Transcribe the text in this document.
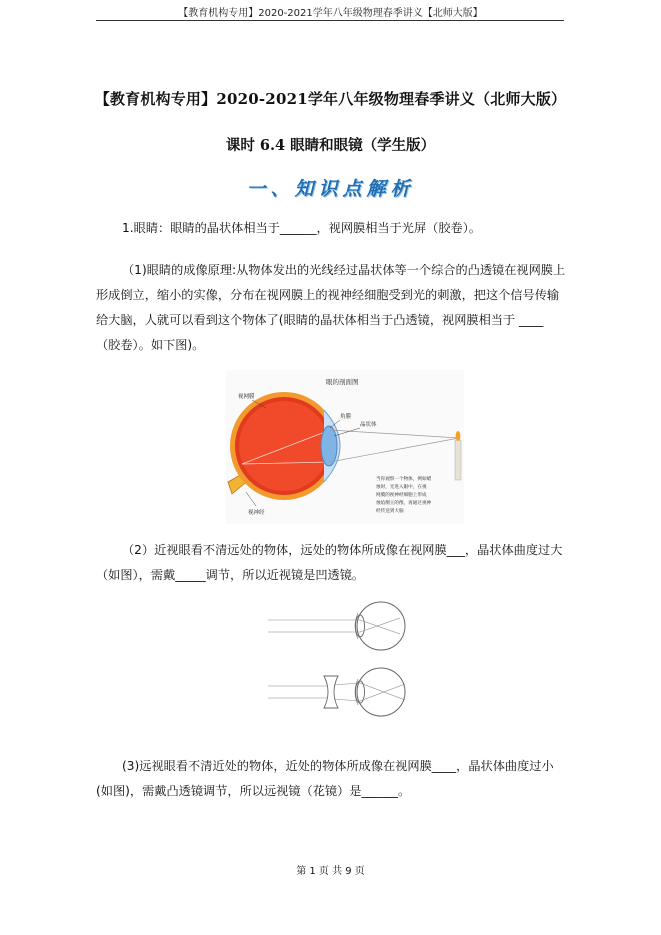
【教育机构专用】2020-2021学年八年级物理春季讲义【北师大版】
【教育机构专用】2020-2021学年八年级物理春季讲义（北师大版）
课时 6.4 眼睛和眼镜（学生版）
一、知识点解析
1.眼睛：眼睛的晶状体相当于______，视网膜相当于光屏（胶卷）。
（1)眼睛的成像原理:从物体发出的光线经过晶状体等一个综合的凸透镜在视网膜上形成倒立，缩小的实像，分布在视网膜上的视神经细胞受到光的刺激，把这个信号传输给大脑，人就可以看到这个物体了(眼睛的晶状体相当于凸透镜，视网膜相当于 ____（胶卷）。如下图)。
眼的剖面图
视网膜
角膜
晶状体
视神经
当你观察一个物体，例如蜡
烛时，光进入眼中，在视
网膜的视神经细胞上形成
烛焰倒立的像，再通过视神
经传送到大脑
（2）近视眼看不清远处的物体，远处的物体所成像在视网膜___，晶状体曲度过大（如图），需戴_____调节，所以近视镜是凹透镜。
(3)远视眼看不清近处的物体，近处的物体所成像在视网膜____，晶状体曲度过小(如图)，需戴凸透镜调节，所以远视镜（花镜）是______。
第 1 页 共 9 页
